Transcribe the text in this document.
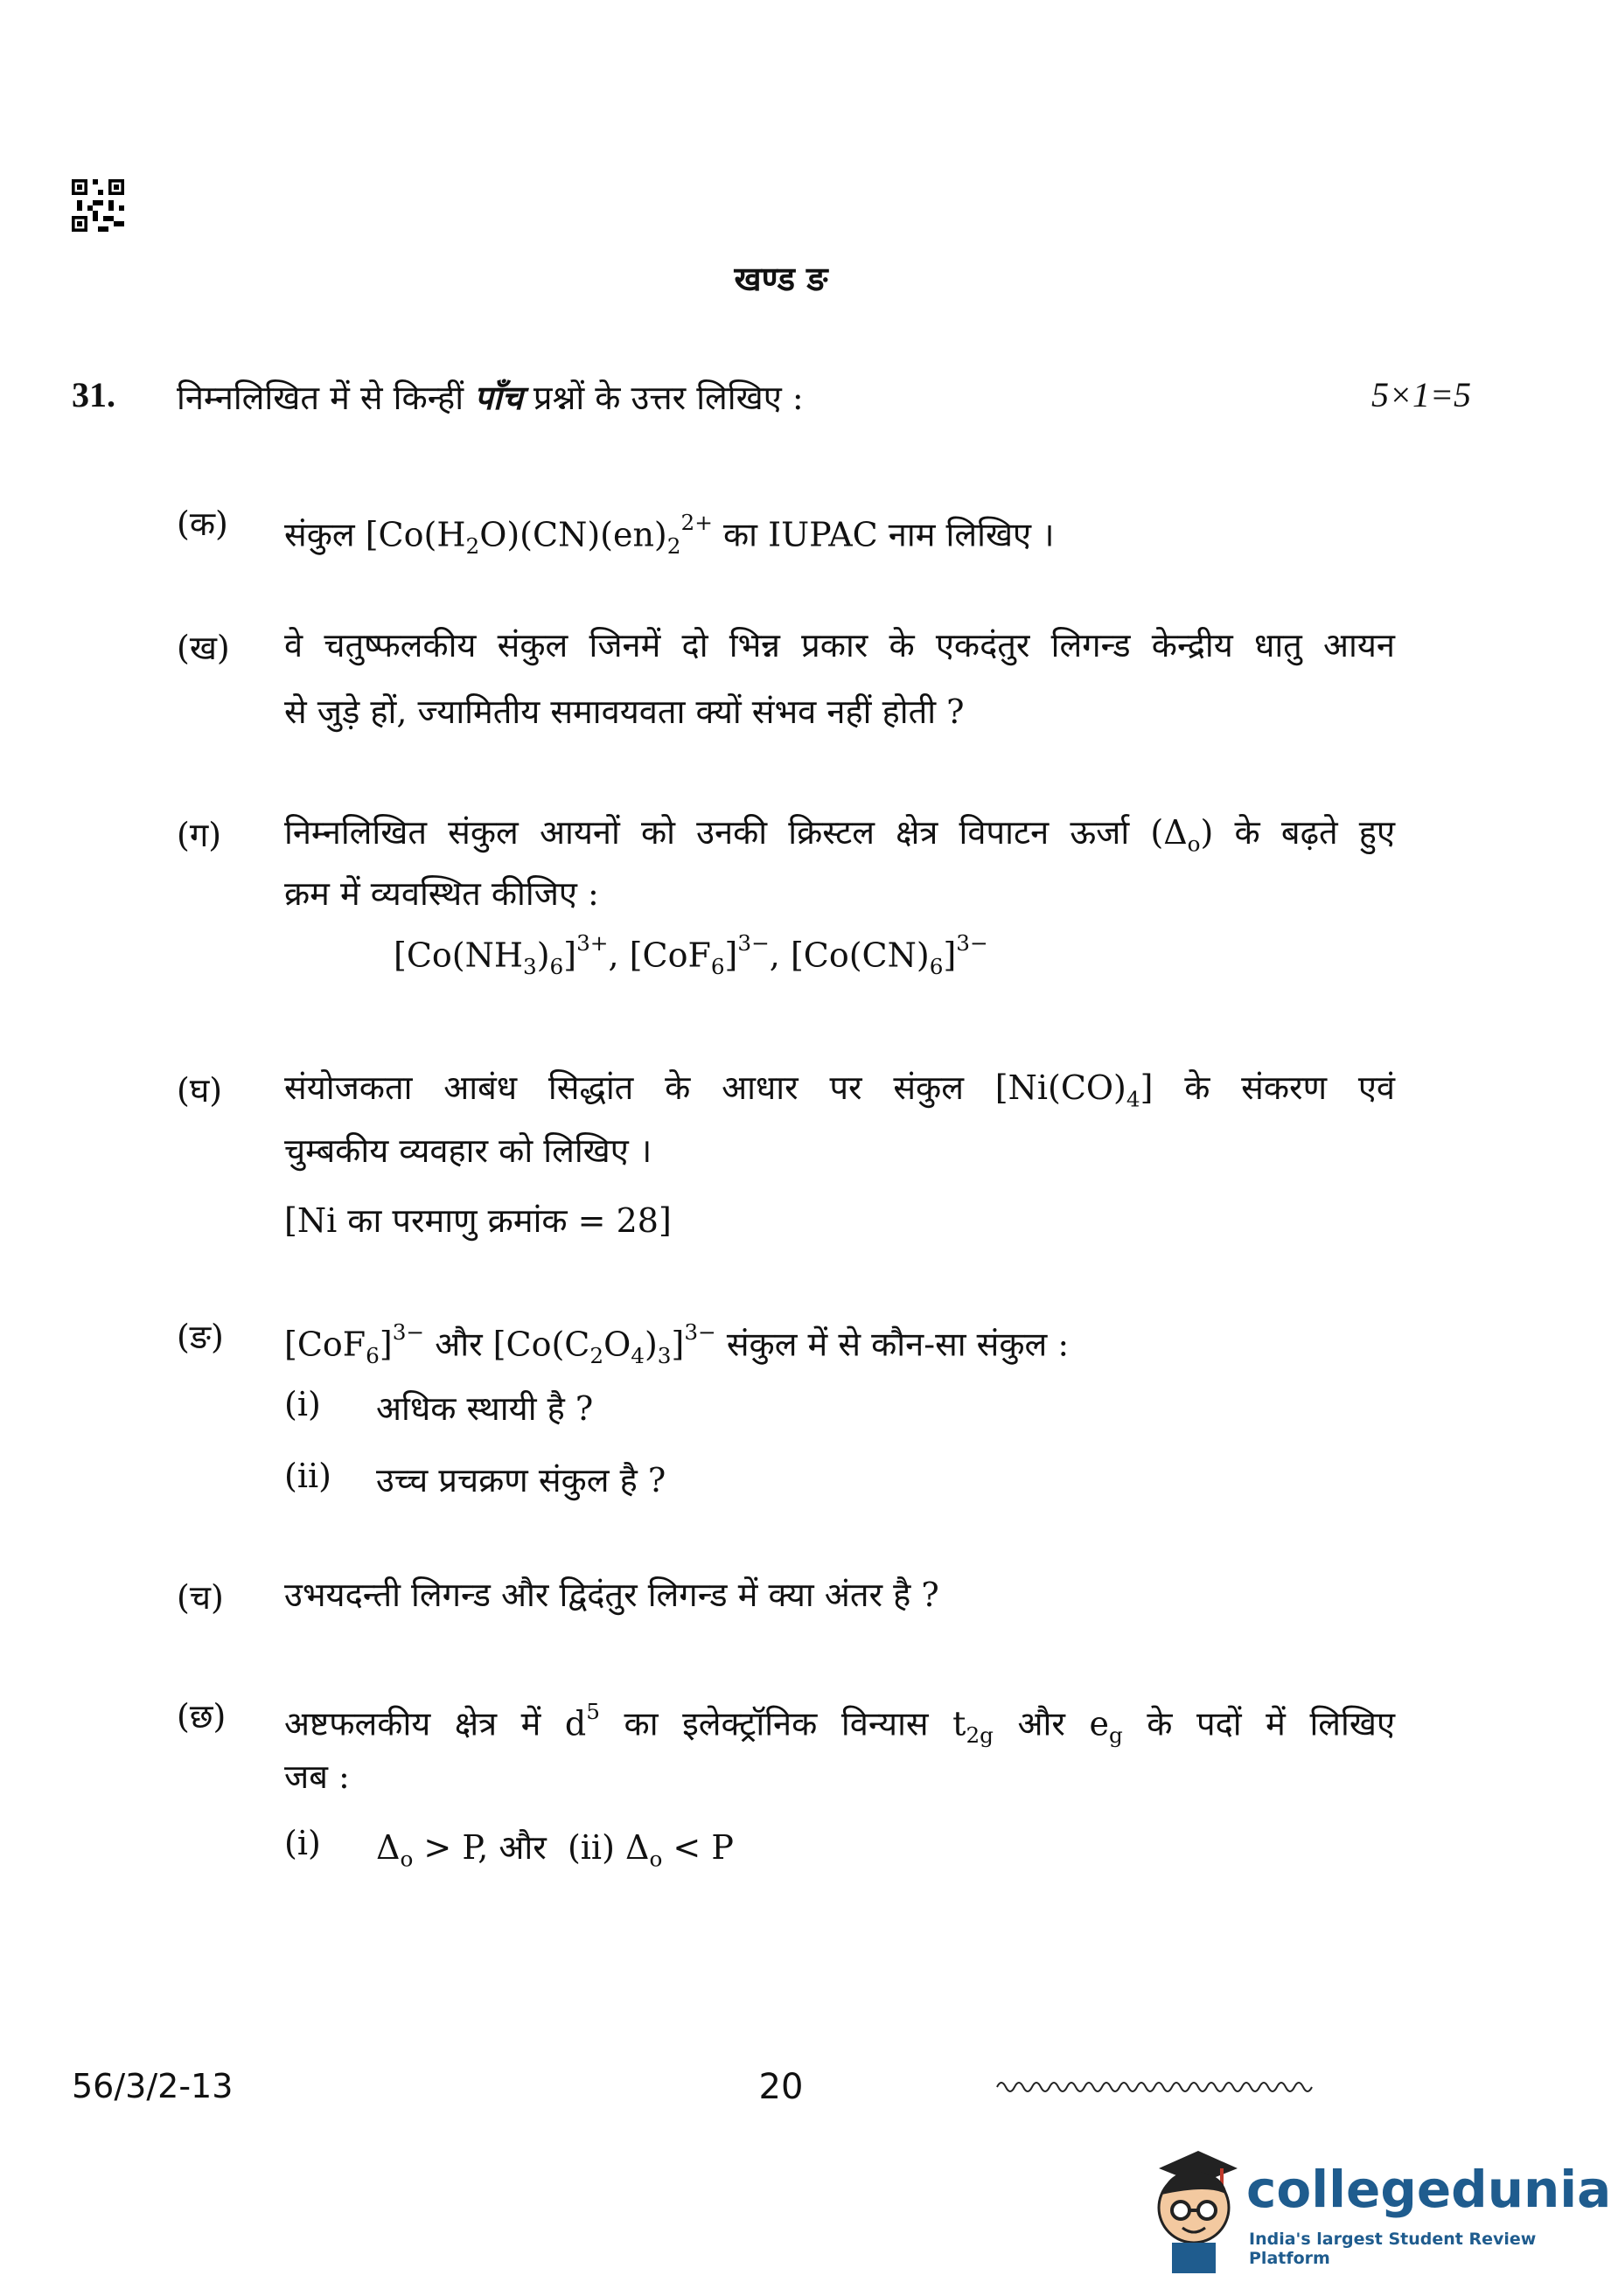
खण्ड ङ
31. निम्नलिखित में से किन्हीं पाँच प्रश्नों के उत्तर लिखिए :	5×1=5
(क) संकुल [$Co(H_2O)(CN)(en)_2^{2+}$ का IUPAC नाम लिखिए ।
(ख) वे चतुष्फलकीय संकुल जिनमें दो भिन्न प्रकार के एकदंतुर लिगन्ड केन्द्रीय धातु आयन
से जुड़े हों, ज्यामितीय समावयवता क्यों संभव नहीं होती ?
(ग) निम्नलिखित संकुल आयनों को उनकी क्रिस्टल क्षेत्र विपाटन ऊर्जा $(\Delta_o)$ के बढ़ते हुए
क्रम में व्यवस्थित कीजिए :
$[Co(NH_3)_6]^{3+}$, $[CoF_6]^{3-}$, $[Co(CN)_6]^{3-}$
(घ) संयोजकता आबंध सिद्धांत के आधार पर संकुल $[Ni(CO)_4]$ के संकरण एवं
चुम्बकीय व्यवहार को लिखिए ।
[Ni का परमाणु क्रमांक = 28]
(ङ) $[CoF_6]^{3-}$ और $[Co(C_2O_4)_3]^{3-}$ संकुल में से कौन-सा संकुल :
(i) अधिक स्थायी है ?
(ii) उच्च प्रचक्रण संकुल है ?
(च) उभयदन्ती लिगन्ड और द्विदंतुर लिगन्ड में क्या अंतर है ?
(छ) अष्टफलकीय क्षेत्र में $d^5$ का इलेक्ट्रॉनिक विन्यास $t_{2g}$ और $e_g$ के पदों में लिखिए
जब :
(i) $\Delta_o > P$, और (ii) $\Delta_o < P$
56/3/2-13	20
collegedunia
India's largest Student Review Platform
